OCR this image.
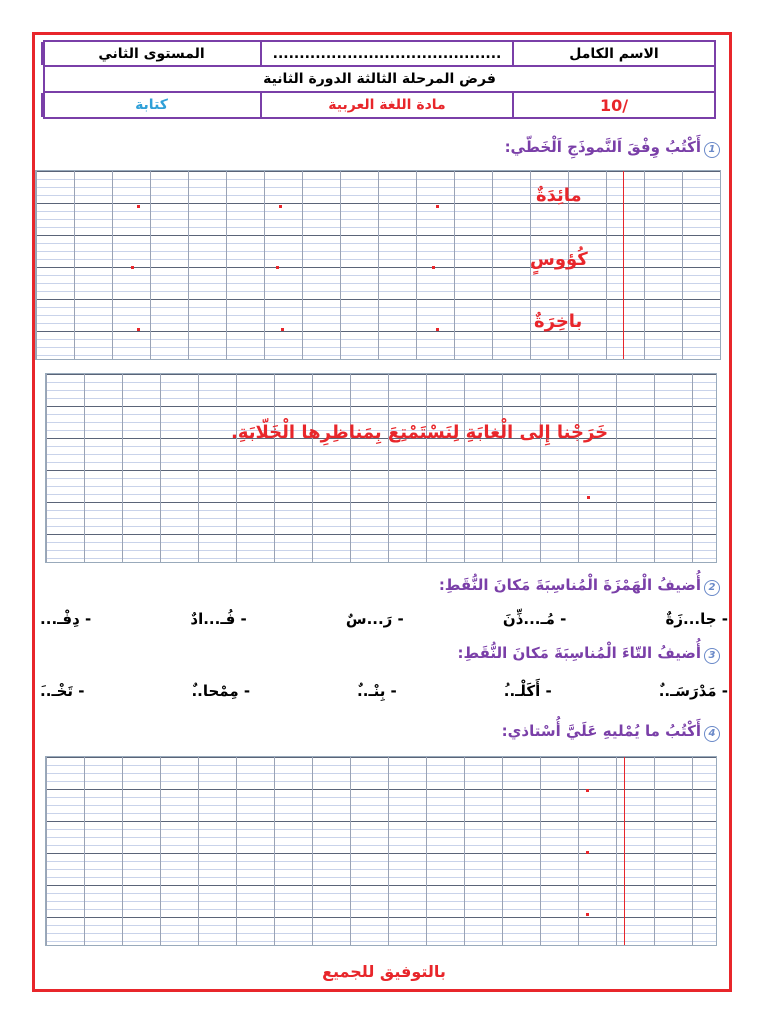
الاسم الكامل
...........................................
المستوى الثاني
فرض المرحلة الثالثة الدورة الثانية
/10
مادة اللغة العربية
كتابة
1أَكْتُبُ وِفْقَ اَلنَّموذَجِ اَلْخَطّي:
مائِدَةٌ
كُؤوسٍ
باخِرَةٌ
خَرَجْنا إِلى الْغابَةِ لِنَسْتَمْتِعَ بِمَناظِرِها الْخَلّابَةِ.
2أُضيفُ الْهَمْزَةَ الْمُناسِبَةَ مَكانَ النُّقَطِ:
- جا...زَةٌ
- مُـ...ذِّنَ
- رَ...سٌ
- فُـ...ادٌ
- دِفْـ...
3أُضيفُ التّاءَ الْمُناسِبَةَ مَكانَ النُّقَطِ:
- مَدْرَسَـ..ٌ
- أَكَلْـ..ُ
- بِنْـ..ٌ
- مِمْحا..ٌ
- تَخْـ..َ
4أَكْتُبُ ما يُمْليهِ عَلَيَّ أُسْتاذي:
بالتوفيق للجميع
